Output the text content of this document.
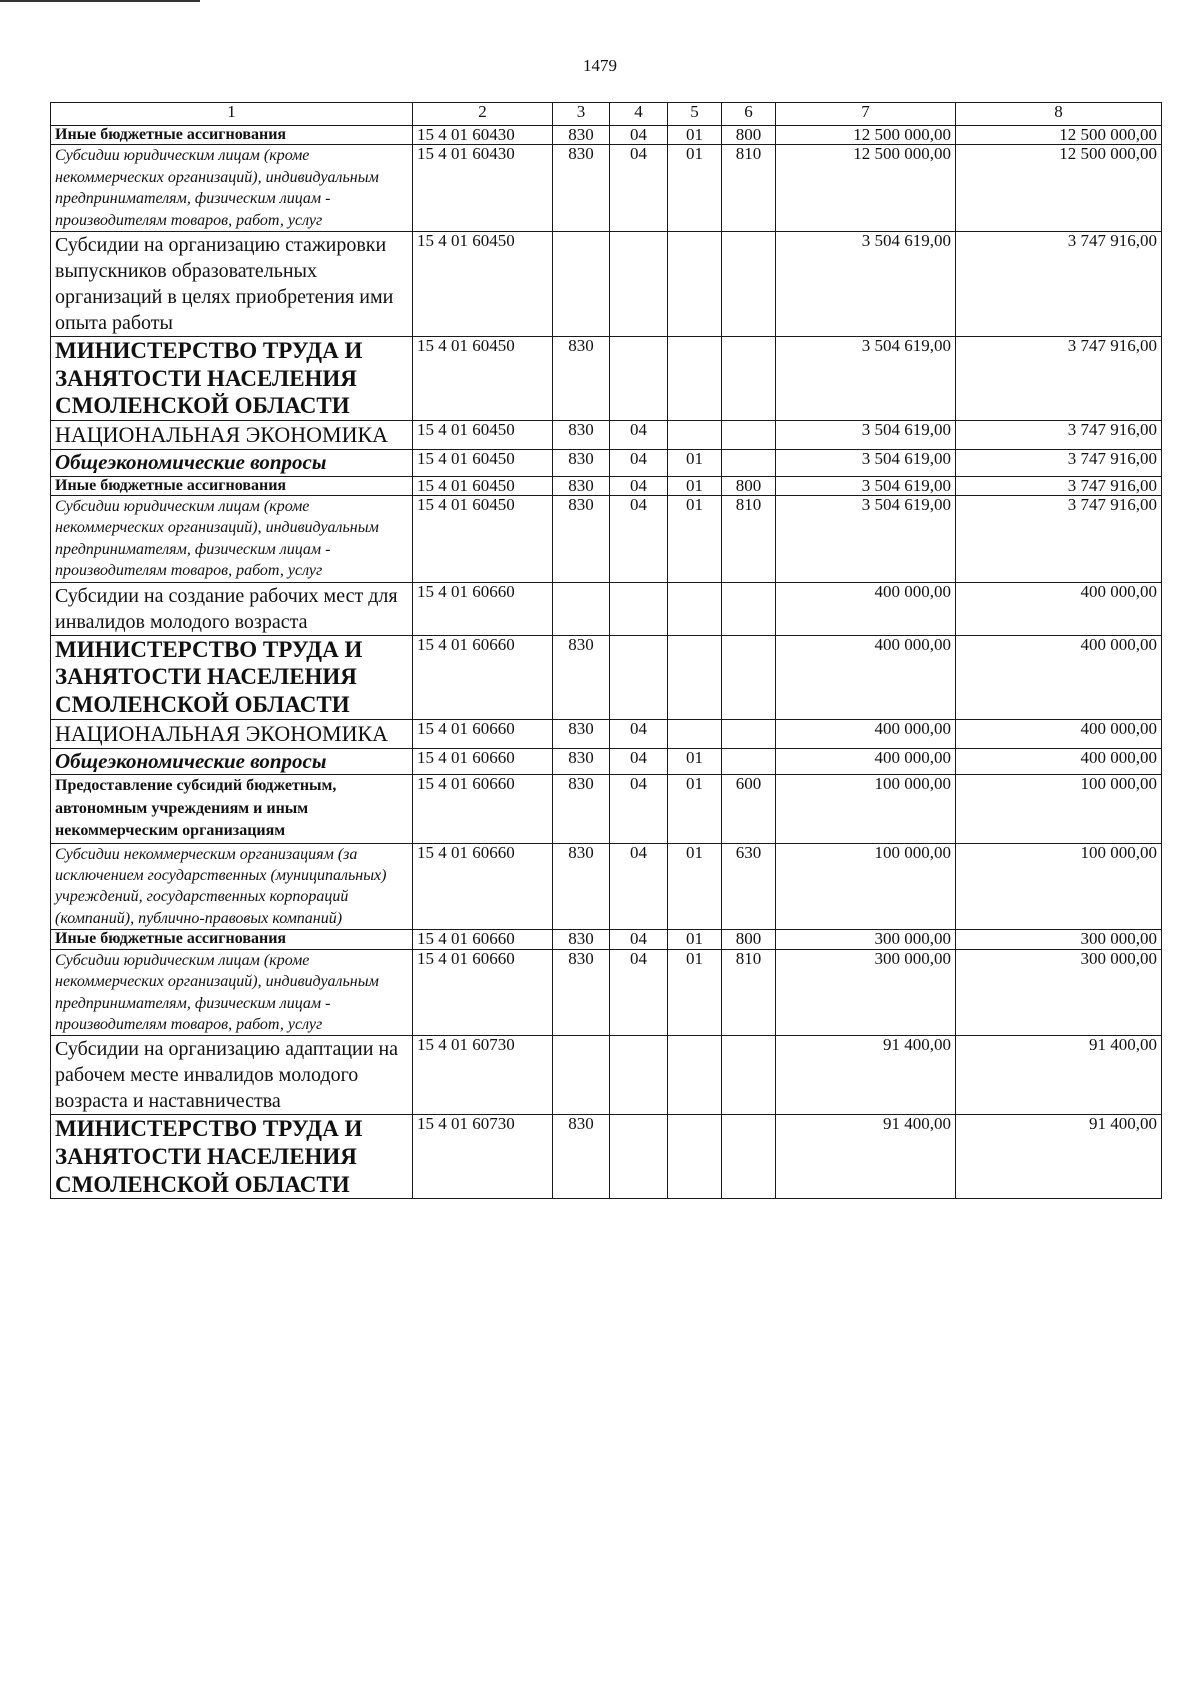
1479
1	2	3	4	5	6	7	8
Иные бюджетные ассигнования	15 4 01 60430	830	04	01	800	12 500 000,00	12 500 000,00
Субсидии юридическим лицам (кроме некоммерческих организаций), индивидуальным предпринимателям, физическим лицам - производителям товаров, работ, услуг	15 4 01 60430	830	04	01	810	12 500 000,00	12 500 000,00
Субсидии на организацию стажировки выпускников образовательных организаций в целях приобретения ими опыта работы	15 4 01 60450					3 504 619,00	3 747 916,00
МИНИСТЕРСТВО ТРУДА И ЗАНЯТОСТИ НАСЕЛЕНИЯ СМОЛЕНСКОЙ ОБЛАСТИ	15 4 01 60450	830				3 504 619,00	3 747 916,00
НАЦИОНАЛЬНАЯ ЭКОНОМИКА	15 4 01 60450	830	04			3 504 619,00	3 747 916,00
Общеэкономические вопросы	15 4 01 60450	830	04	01		3 504 619,00	3 747 916,00
Иные бюджетные ассигнования	15 4 01 60450	830	04	01	800	3 504 619,00	3 747 916,00
Субсидии юридическим лицам (кроме некоммерческих организаций), индивидуальным предпринимателям, физическим лицам - производителям товаров, работ, услуг	15 4 01 60450	830	04	01	810	3 504 619,00	3 747 916,00
Субсидии на создание рабочих мест для инвалидов молодого возраста	15 4 01 60660					400 000,00	400 000,00
МИНИСТЕРСТВО ТРУДА И ЗАНЯТОСТИ НАСЕЛЕНИЯ СМОЛЕНСКОЙ ОБЛАСТИ	15 4 01 60660	830				400 000,00	400 000,00
НАЦИОНАЛЬНАЯ ЭКОНОМИКА	15 4 01 60660	830	04			400 000,00	400 000,00
Общеэкономические вопросы	15 4 01 60660	830	04	01		400 000,00	400 000,00
Предоставление субсидий бюджетным, автономным учреждениям и иным некоммерческим организациям	15 4 01 60660	830	04	01	600	100 000,00	100 000,00
Субсидии некоммерческим организациям (за исключением государственных (муниципальных) учреждений, государственных корпораций (компаний), публично-правовых компаний)	15 4 01 60660	830	04	01	630	100 000,00	100 000,00
Иные бюджетные ассигнования	15 4 01 60660	830	04	01	800	300 000,00	300 000,00
Субсидии юридическим лицам (кроме некоммерческих организаций), индивидуальным предпринимателям, физическим лицам - производителям товаров, работ, услуг	15 4 01 60660	830	04	01	810	300 000,00	300 000,00
Субсидии на организацию адаптации на рабочем месте инвалидов молодого возраста и наставничества	15 4 01 60730					91 400,00	91 400,00
МИНИСТЕРСТВО ТРУДА И ЗАНЯТОСТИ НАСЕЛЕНИЯ СМОЛЕНСКОЙ ОБЛАСТИ	15 4 01 60730	830				91 400,00	91 400,00
